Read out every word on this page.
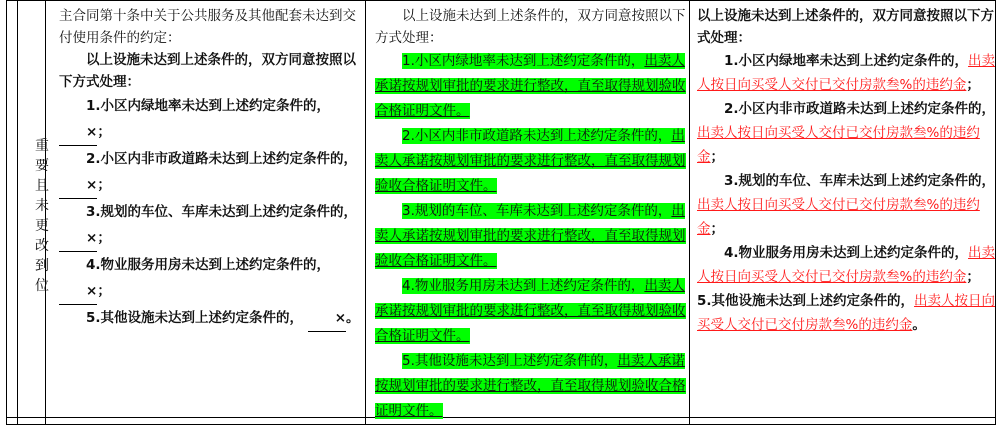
重
要
且
未
更
改
到
位

主合同第十条中关于公共服务及其他配套未达到交付使用条件的约定：

以上设施未达到上述条件的，双方同意按照以下方式处理：

1.小区内绿地率未达到上述约定条件的， ×；

2.小区内非市政道路未达到上述约定条件的， ×；

3.规划的车位、车库未达到上述约定条件的， ×；

4.物业服务用房未达到上述约定条件的， ×；

5.其他设施未达到上述约定条件的， ×。

以上设施未达到上述条件的，双方同意按照以下方式处理：

1.小区内绿地率未达到上述约定条件的，出卖人承诺按规划审批的要求进行整改，直至取得规划验收合格证明文件。

2.小区内非市政道路未达到上述约定条件的，出卖人承诺按规划审批的要求进行整改，直至取得规划验收合格证明文件。

3.规划的车位、车库未达到上述约定条件的，出卖人承诺按规划审批的要求进行整改，直至取得规划验收合格证明文件。

4.物业服务用房未达到上述约定条件的，出卖人承诺按规划审批的要求进行整改，直至取得规划验收合格证明文件。

5.其他设施未达到上述约定条件的，出卖人承诺按规划审批的要求进行整改，直至取得规划验收合格证明文件。

以上设施未达到上述条件的，双方同意按照以下方式处理：

1.小区内绿地率未达到上述约定条件的，出卖人按日向买受人交付已交付房款叁%的违约金；

2.小区内非市政道路未达到上述约定条件的，出卖人按日向买受人交付已交付房款叁%的违约金；

3.规划的车位、车库未达到上述约定条件的，出卖人按日向买受人交付已交付房款叁%的违约金；

4.物业服务用房未达到上述约定条件的，出卖人按日向买受人交付已交付房款叁%的违约金；

5.其他设施未达到上述约定条件的，出卖人按日向买受人交付已交付房款叁%的违约金。
